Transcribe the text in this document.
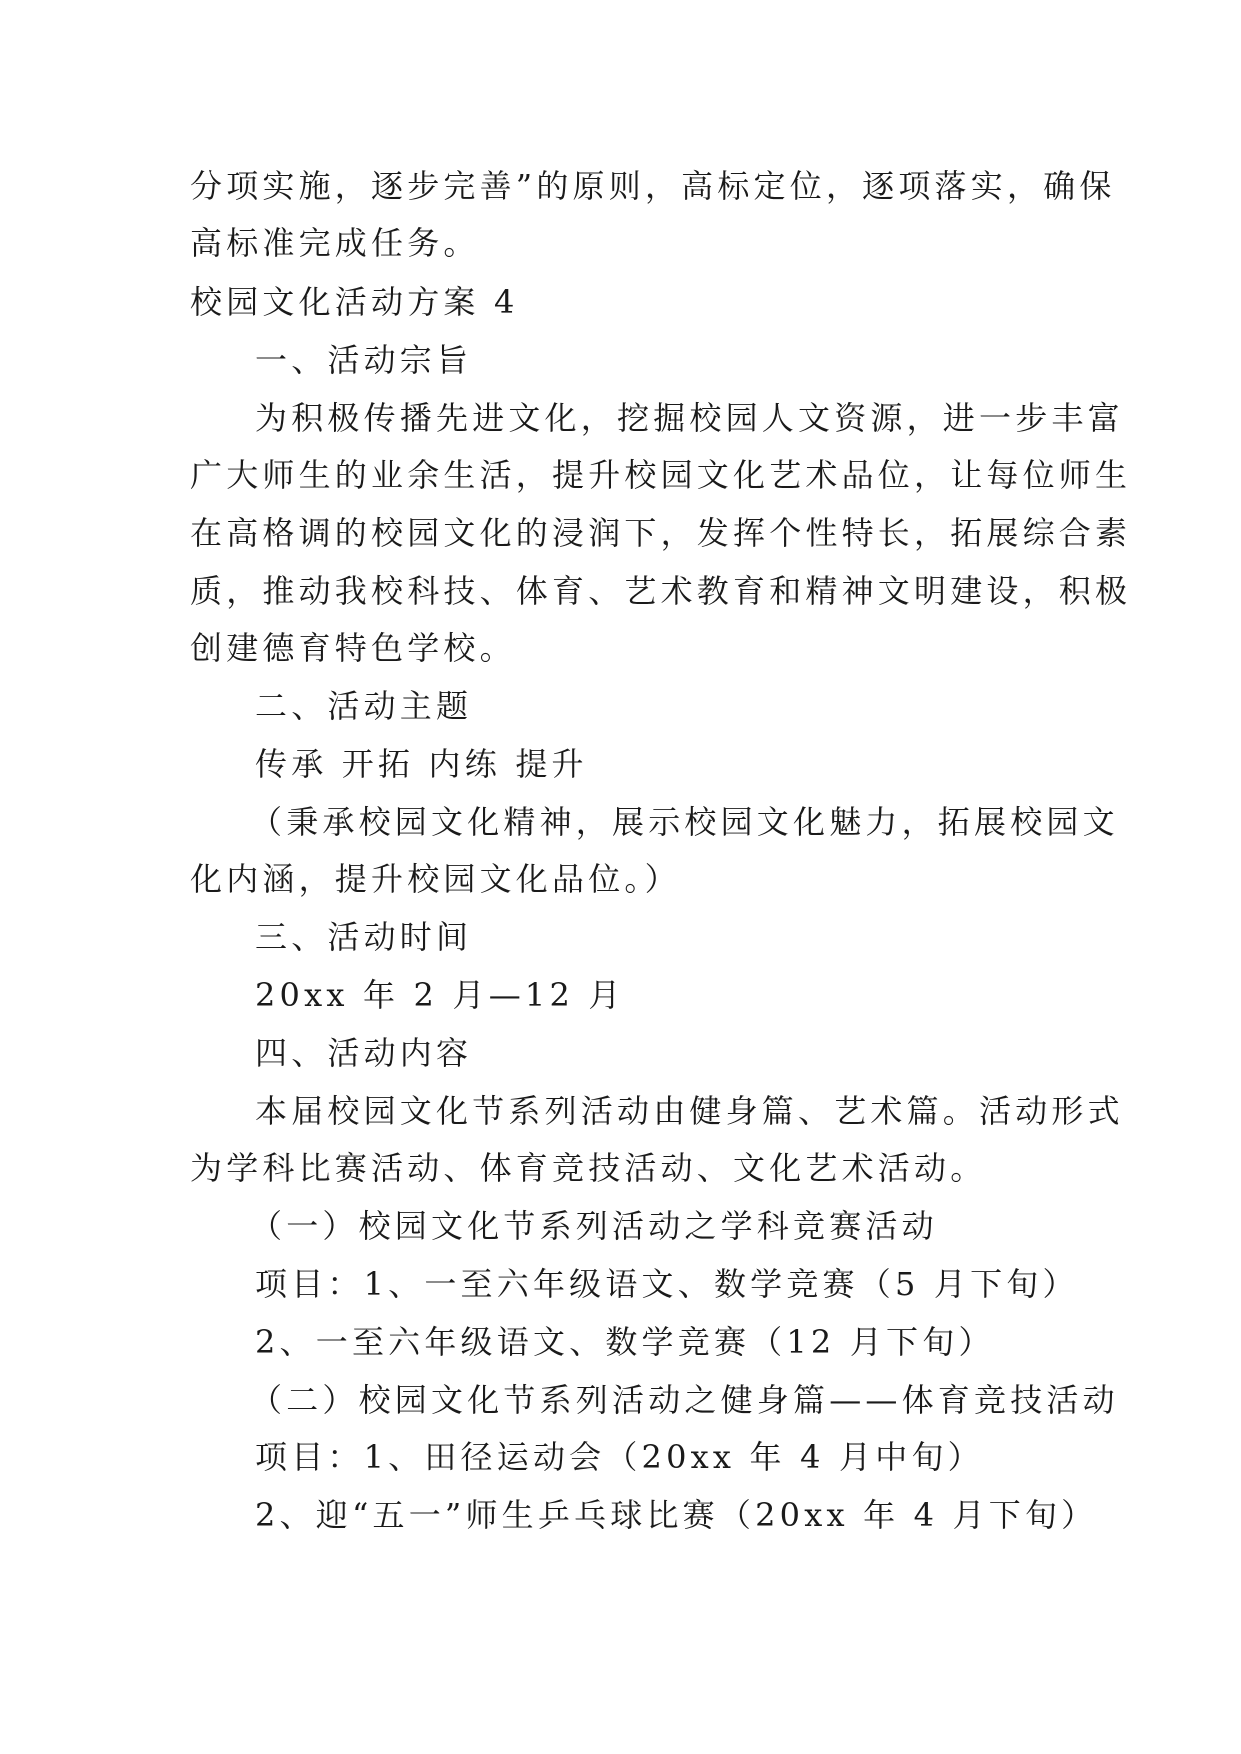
分项实施，逐步完善”的原则，高标定位，逐项落实，确保
高标准完成任务。
校园文化活动方案 4
一、活动宗旨
为积极传播先进文化，挖掘校园人文资源，进一步丰富
广大师生的业余生活，提升校园文化艺术品位，让每位师生
在高格调的校园文化的浸润下，发挥个性特长，拓展综合素
质，推动我校科技、体育、艺术教育和精神文明建设，积极
创建德育特色学校。
二、活动主题
传承 开拓 内练 提升
（秉承校园文化精神，展示校园文化魅力，拓展校园文
化内涵，提升校园文化品位。）
三、活动时间
20xx 年 2 月—12 月
四、活动内容
本届校园文化节系列活动由健身篇、艺术篇。活动形式
为学科比赛活动、体育竞技活动、文化艺术活动。
（一）校园文化节系列活动之学科竞赛活动
项目：1、一至六年级语文、数学竞赛（5 月下旬）
2、一至六年级语文、数学竞赛（12 月下旬）
（二）校园文化节系列活动之健身篇——体育竞技活动
项目：1、田径运动会（20xx 年 4 月中旬）
2、迎“五一”师生乒乓球比赛（20xx 年 4 月下旬）
